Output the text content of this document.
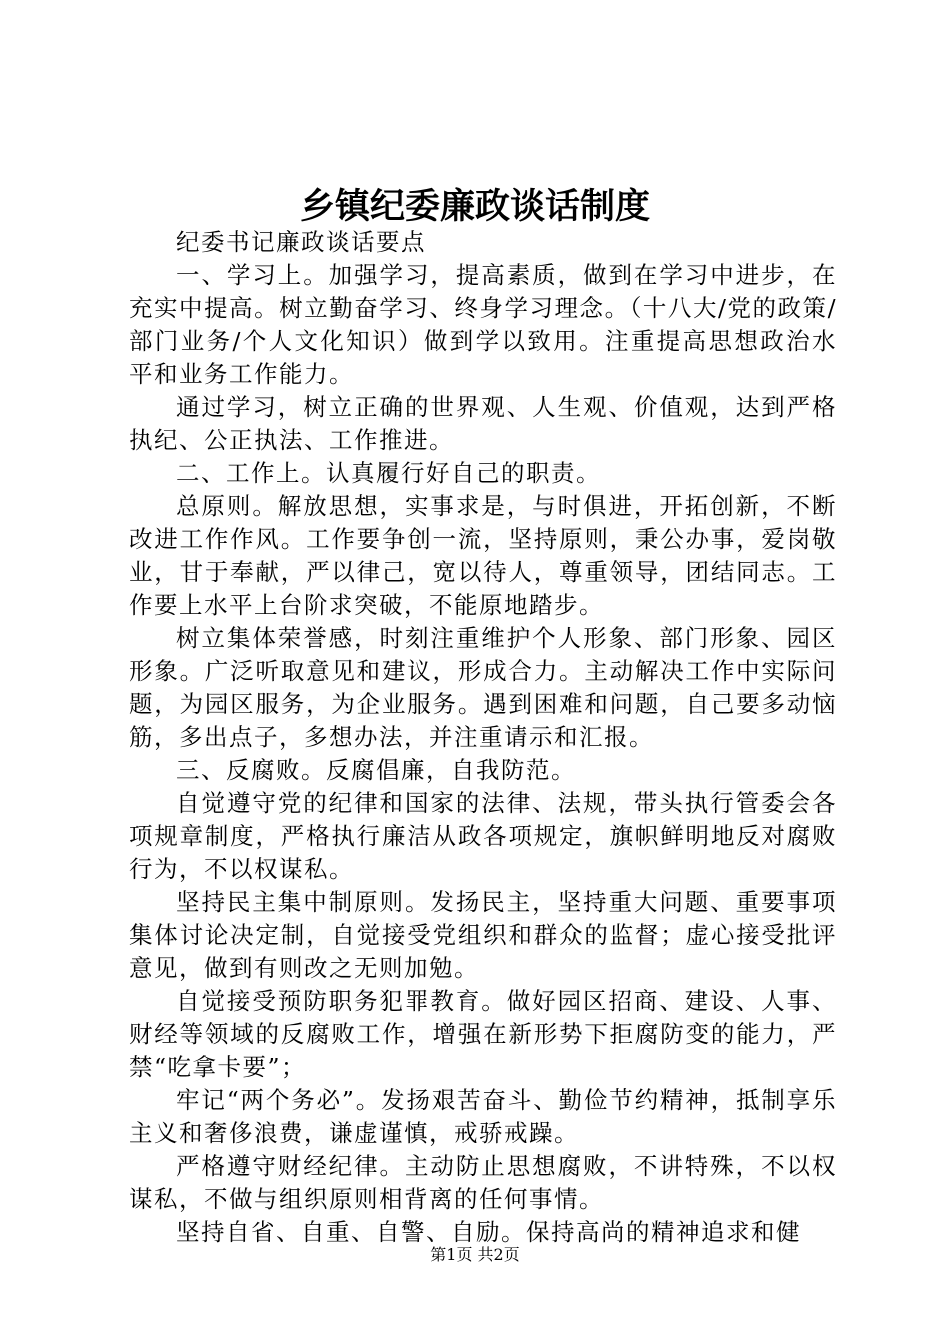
乡镇纪委廉政谈话制度

纪委书记廉政谈话要点

一、学习上。加强学习，提高素质，做到在学习中进步，在充实中提高。树立勤奋学习、终身学习理念。（十八大/党的政策/部门业务/个人文化知识）做到学以致用。注重提高思想政治水平和业务工作能力。

通过学习，树立正确的世界观、人生观、价值观，达到严格执纪、公正执法、工作推进。

二、工作上。认真履行好自己的职责。

总原则。解放思想，实事求是，与时俱进，开拓创新，不断改进工作作风。工作要争创一流，坚持原则，秉公办事，爱岗敬业，甘于奉献，严以律己，宽以待人，尊重领导，团结同志。工作要上水平上台阶求突破，不能原地踏步。

树立集体荣誉感，时刻注重维护个人形象、部门形象、园区形象。广泛听取意见和建议，形成合力。主动解决工作中实际问题，为园区服务，为企业服务。遇到困难和问题，自己要多动恼筋，多出点子，多想办法，并注重请示和汇报。

三、反腐败。反腐倡廉，自我防范。

自觉遵守党的纪律和国家的法律、法规，带头执行管委会各项规章制度，严格执行廉洁从政各项规定，旗帜鲜明地反对腐败行为，不以权谋私。

坚持民主集中制原则。发扬民主，坚持重大问题、重要事项集体讨论决定制，自觉接受党组织和群众的监督；虚心接受批评意见，做到有则改之无则加勉。

自觉接受预防职务犯罪教育。做好园区招商、建设、人事、财经等领域的反腐败工作，增强在新形势下拒腐防变的能力，严禁“吃拿卡要”；

牢记“两个务必”。发扬艰苦奋斗、勤俭节约精神，抵制享乐主义和奢侈浪费，谦虚谨慎，戒骄戒躁。

严格遵守财经纪律。主动防止思想腐败，不讲特殊，不以权谋私，不做与组织原则相背离的任何事情。

坚持自省、自重、自警、自励。保持高尚的精神追求和健

第1页 共2页
